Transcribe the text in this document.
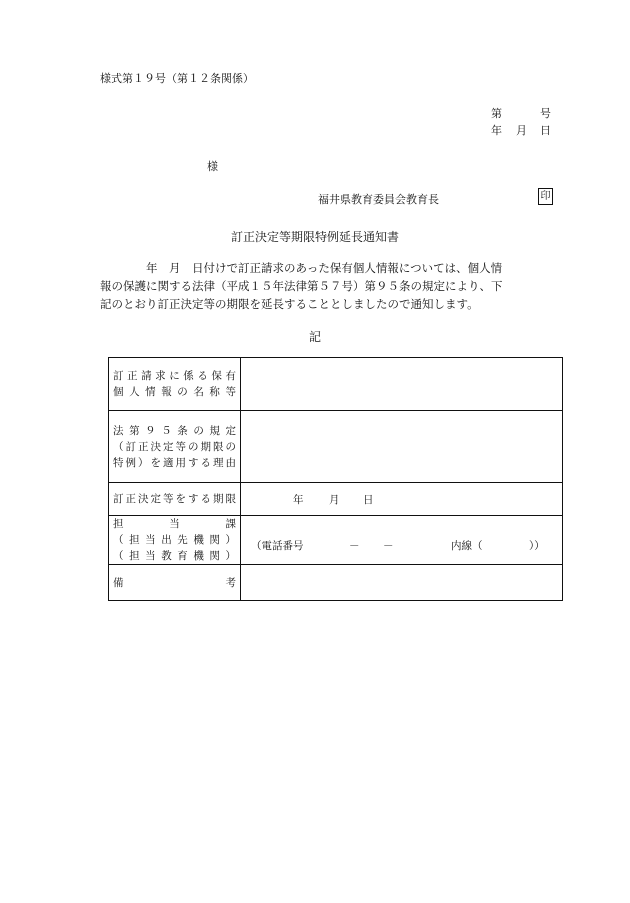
様式第１９号（第１２条関係）
第	号
年 月 日
様
福井県教育委員会教育長	印
訂正決定等期限特例延長通知書
　　　　年　月　日付けで訂正請求のあった保有個人情報については、個人情
報の保護に関する法律（平成１５年法律第５７号）第９５条の規定により、下
記のとおり訂正決定等の期限を延長することとしましたので通知します。
記
訂正請求に係る保有
個人情報の名称等	

法第９５条の規定
（訂正決定等の期限の
特例）を適用する理由	

訂正決定等をする期限	年 月 日

担　当　課
（担当出先機関）
（担当教育機関）	（電話番号 － － 内線（ ））

備　　　考	
